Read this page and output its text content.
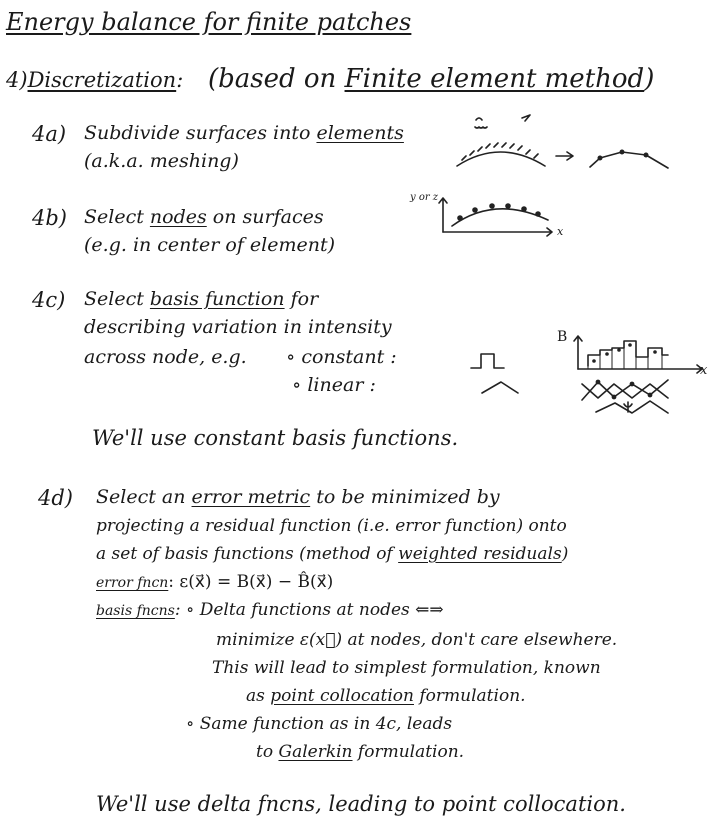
Energy balance for finite patches
4)Discretization: (based on Finite element method)
4a) Subdivide surfaces into elements
(a.k.a. meshing)
4b) Select nodes on surfaces
(e.g. in center of element)
y or z
x
4c) Select basis function for
describing variation in intensity
across node, e.g. ∘ constant :
∘ linear :
B
x
We'll use constant basis functions.
4d) Select an error metric to be minimized by
projecting a residual function (i.e. error function) onto
a set of basis functions (method of weighted residuals)
error fncn: ε(x⃗) = B(x⃗) − B̂(x⃗)
basis fncns: ∘ Delta functions at nodes ⇐⇒
minimize ε(x⃗) at nodes, don't care elsewhere.
This will lead to simplest formulation, known
as point collocation formulation.
∘ Same function as in 4c, leads
to Galerkin formulation.
We'll use delta fncns, leading to point collocation.
